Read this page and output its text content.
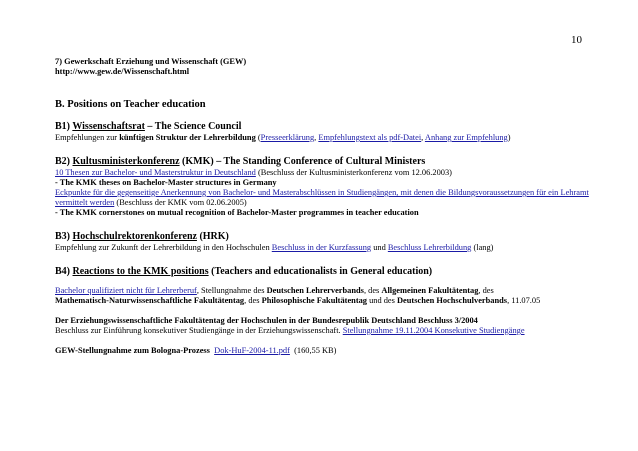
10
7) Gewerkschaft Erziehung und Wissenschaft (GEW)
http://www.gew.de/Wissenschaft.html
B. Positions on Teacher education
B1) Wissenschaftsrat – The Science Council
Empfehlungen zur künftigen Struktur der Lehrerbildung (Presseerklärung, Empfehlungstext als pdf-Datei, Anhang zur Empfehlung)
B2) Kultusministerkonferenz (KMK) – The Standing Conference of Cultural Ministers
10 Thesen zur Bachelor- und Masterstruktur in Deutschland (Beschluss der Kultusministerkonferenz vom 12.06.2003)
- The KMK theses on Bachelor-Master structures in Germany
Eckpunkte für die gegenseitige Anerkennung von Bachelor- und Masterabschlüssen in Studiengängen, mit denen die Bildungsvoraussetzungen für ein Lehramt vermittelt werden (Beschluss der KMK vom 02.06.2005)
- The KMK cornerstones on mutual recognition of Bachelor-Master programmes in teacher education
B3) Hochschulrektorenkonferenz (HRK)
Empfehlung zur Zukunft der Lehrerbildung in den Hochschulen Beschluss in der Kurzfassung und Beschluss Lehrerbildung (lang)
B4) Reactions to the KMK positions (Teachers and educationalists in General education)
Bachelor qualifiziert nicht für Lehrerberuf, Stellungnahme des Deutschen Lehrerverbands, des Allgemeinen Fakultätentag, des
Mathematisch-Naturwissenschaftliche Fakultätentag, des Philosophische Fakultätentag und des Deutschen Hochschulverbands, 11.07.05
Der Erziehungswissenschaftliche Fakultätentag der Hochschulen in der Bundesrepublik Deutschland Beschluss 3/2004
Beschluss zur Einführung konsekutiver Studiengänge in der Erziehungswissenschaft. Stellungnahme 19.11.2004 Konsekutive Studiengänge
GEW-Stellungnahme zum Bologna-Prozess Dok-HuF-2004-11.pdf  (160,55 KB)
